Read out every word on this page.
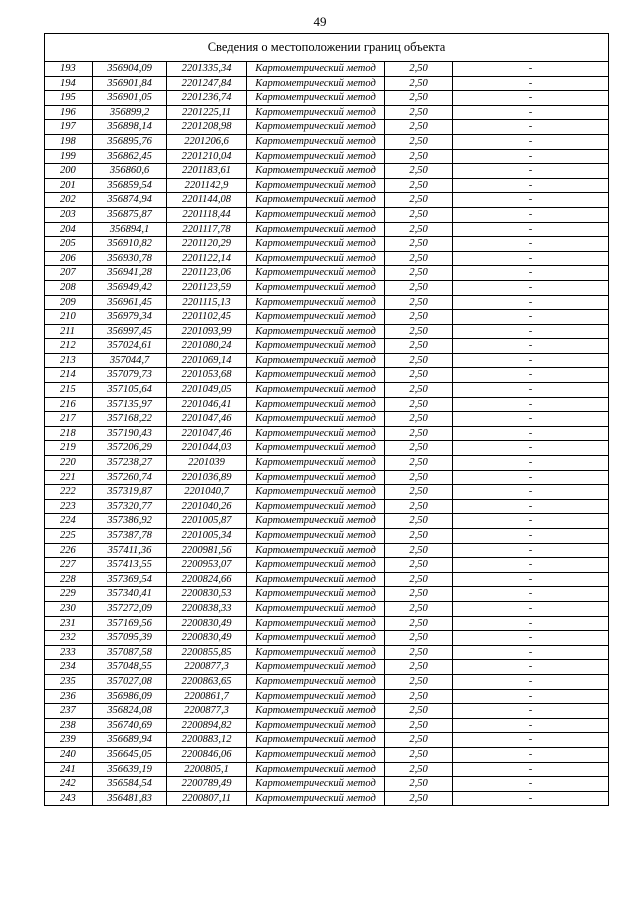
49
Сведения о местоположении границ объекта					
193	356904,09	2201335,34	Картометрический метод	2,50	-
194	356901,84	2201247,84	Картометрический метод	2,50	-
195	356901,05	2201236,74	Картометрический метод	2,50	-
196	356899,2	2201225,11	Картометрический метод	2,50	-
197	356898,14	2201208,98	Картометрический метод	2,50	-
198	356895,76	2201206,6	Картометрический метод	2,50	-
199	356862,45	2201210,04	Картометрический метод	2,50	-
200	356860,6	2201183,61	Картометрический метод	2,50	-
201	356859,54	2201142,9	Картометрический метод	2,50	-
202	356874,94	2201144,08	Картометрический метод	2,50	-
203	356875,87	2201118,44	Картометрический метод	2,50	-
204	356894,1	2201117,78	Картометрический метод	2,50	-
205	356910,82	2201120,29	Картометрический метод	2,50	-
206	356930,78	2201122,14	Картометрический метод	2,50	-
207	356941,28	2201123,06	Картометрический метод	2,50	-
208	356949,42	2201123,59	Картометрический метод	2,50	-
209	356961,45	2201115,13	Картометрический метод	2,50	-
210	356979,34	2201102,45	Картометрический метод	2,50	-
211	356997,45	2201093,99	Картометрический метод	2,50	-
212	357024,61	2201080,24	Картометрический метод	2,50	-
213	357044,7	2201069,14	Картометрический метод	2,50	-
214	357079,73	2201053,68	Картометрический метод	2,50	-
215	357105,64	2201049,05	Картометрический метод	2,50	-
216	357135,97	2201046,41	Картометрический метод	2,50	-
217	357168,22	2201047,46	Картометрический метод	2,50	-
218	357190,43	2201047,46	Картометрический метод	2,50	-
219	357206,29	2201044,03	Картометрический метод	2,50	-
220	357238,27	2201039	Картометрический метод	2,50	-
221	357260,74	2201036,89	Картометрический метод	2,50	-
222	357319,87	2201040,7	Картометрический метод	2,50	-
223	357320,77	2201040,26	Картометрический метод	2,50	-
224	357386,92	2201005,87	Картометрический метод	2,50	-
225	357387,78	2201005,34	Картометрический метод	2,50	-
226	357411,36	2200981,56	Картометрический метод	2,50	-
227	357413,55	2200953,07	Картометрический метод	2,50	-
228	357369,54	2200824,66	Картометрический метод	2,50	-
229	357340,41	2200830,53	Картометрический метод	2,50	-
230	357272,09	2200838,33	Картометрический метод	2,50	-
231	357169,56	2200830,49	Картометрический метод	2,50	-
232	357095,39	2200830,49	Картометрический метод	2,50	-
233	357087,58	2200855,85	Картометрический метод	2,50	-
234	357048,55	2200877,3	Картометрический метод	2,50	-
235	357027,08	2200863,65	Картометрический метод	2,50	-
236	356986,09	2200861,7	Картометрический метод	2,50	-
237	356824,08	2200877,3	Картометрический метод	2,50	-
238	356740,69	2200894,82	Картометрический метод	2,50	-
239	356689,94	2200883,12	Картометрический метод	2,50	-
240	356645,05	2200846,06	Картометрический метод	2,50	-
241	356639,19	2200805,1	Картометрический метод	2,50	-
242	356584,54	2200789,49	Картометрический метод	2,50	-
243	356481,83	2200807,11	Картометрический метод	2,50	-
